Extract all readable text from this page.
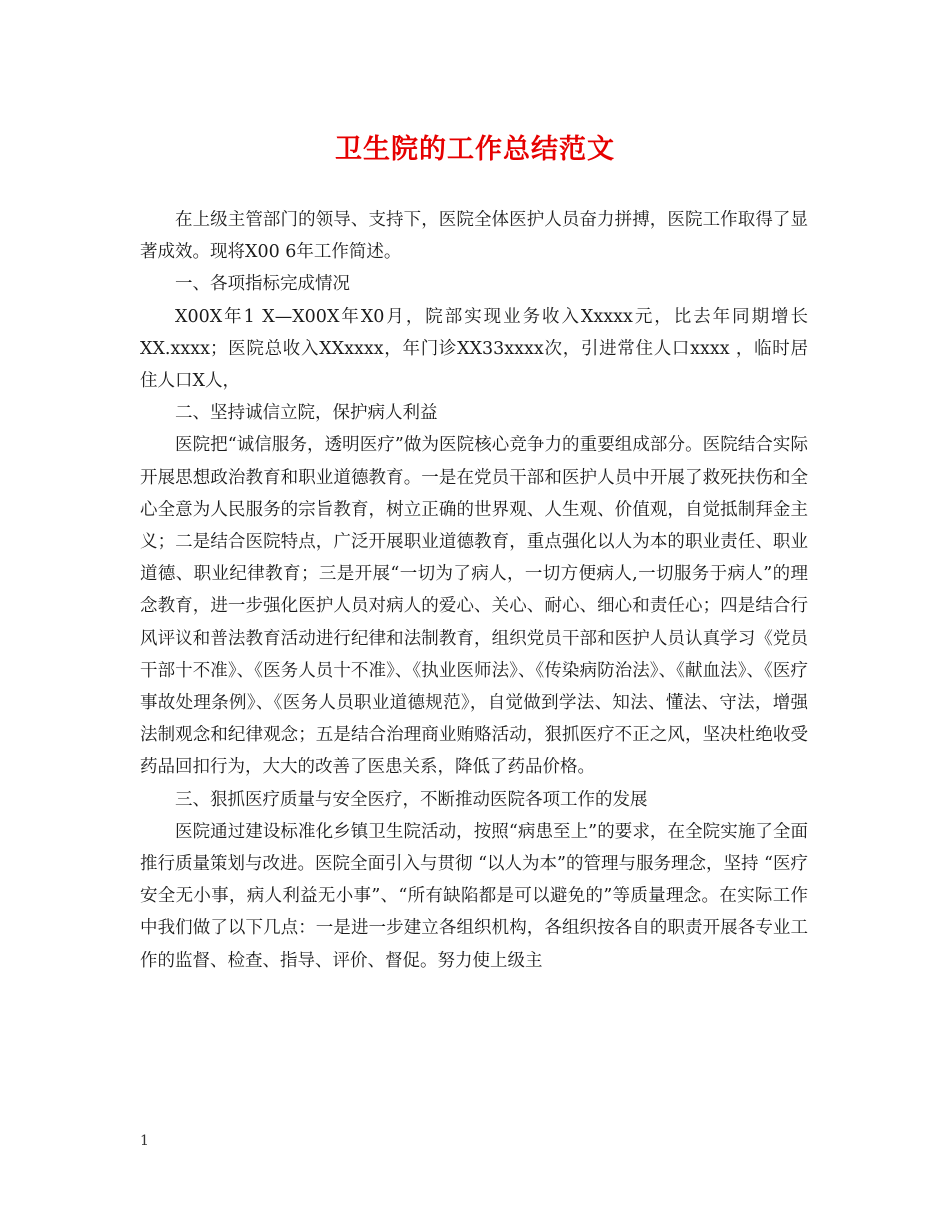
卫生院的工作总结范文

在上级主管部门的领导、支持下，医院全体医护人员奋力拼搏，医院工作取得了显著成效。现将X00 6年工作简述。

一、各项指标完成情况

X00X年1 X—X00X年X0月，院部实现业务收入Xxxxx元，比去年同期增长XX.xxxx；医院总收入XXxxxx，年门诊XX33xxxx次，引进常住人口xxxx ，临时居住人口X人，

二、坚持诚信立院，保护病人利益

医院把“诚信服务，透明医疗”做为医院核心竞争力的重要组成部分。医院结合实际开展思想政治教育和职业道德教育。一是在党员干部和医护人员中开展了救死扶伤和全心全意为人民服务的宗旨教育，树立正确的世界观、人生观、价值观，自觉抵制拜金主义；二是结合医院特点，广泛开展职业道德教育，重点强化以人为本的职业责任、职业道德、职业纪律教育；三是开展“一切为了病人，一切方便病人,一切服务于病人”的理念教育，进一步强化医护人员对病人的爱心、关心、耐心、细心和责任心；四是结合行风评议和普法教育活动进行纪律和法制教育，组织党员干部和医护人员认真学习《党员干部十不准》、《医务人员十不准》、《执业医师法》、《传染病防治法》、《献血法》、《医疗事故处理条例》、《医务人员职业道德规范》，自觉做到学法、知法、懂法、守法，增强法制观念和纪律观念；五是结合治理商业贿赂活动，狠抓医疗不正之风，坚决杜绝收受药品回扣行为，大大的改善了医患关系，降低了药品价格。

三、狠抓医疗质量与安全医疗，不断推动医院各项工作的发展

医院通过建设标准化乡镇卫生院活动，按照“病患至上”的要求，在全院实施了全面推行质量策划与改进。医院全面引入与贯彻 “以人为本”的管理与服务理念，坚持 “医疗安全无小事，病人利益无小事”、“所有缺陷都是可以避免的”等质量理念。在实际工作中我们做了以下几点：一是进一步建立各组织机构，各组织按各自的职责开展各专业工作的监督、检查、指导、评价、督促。努力使上级主

1
